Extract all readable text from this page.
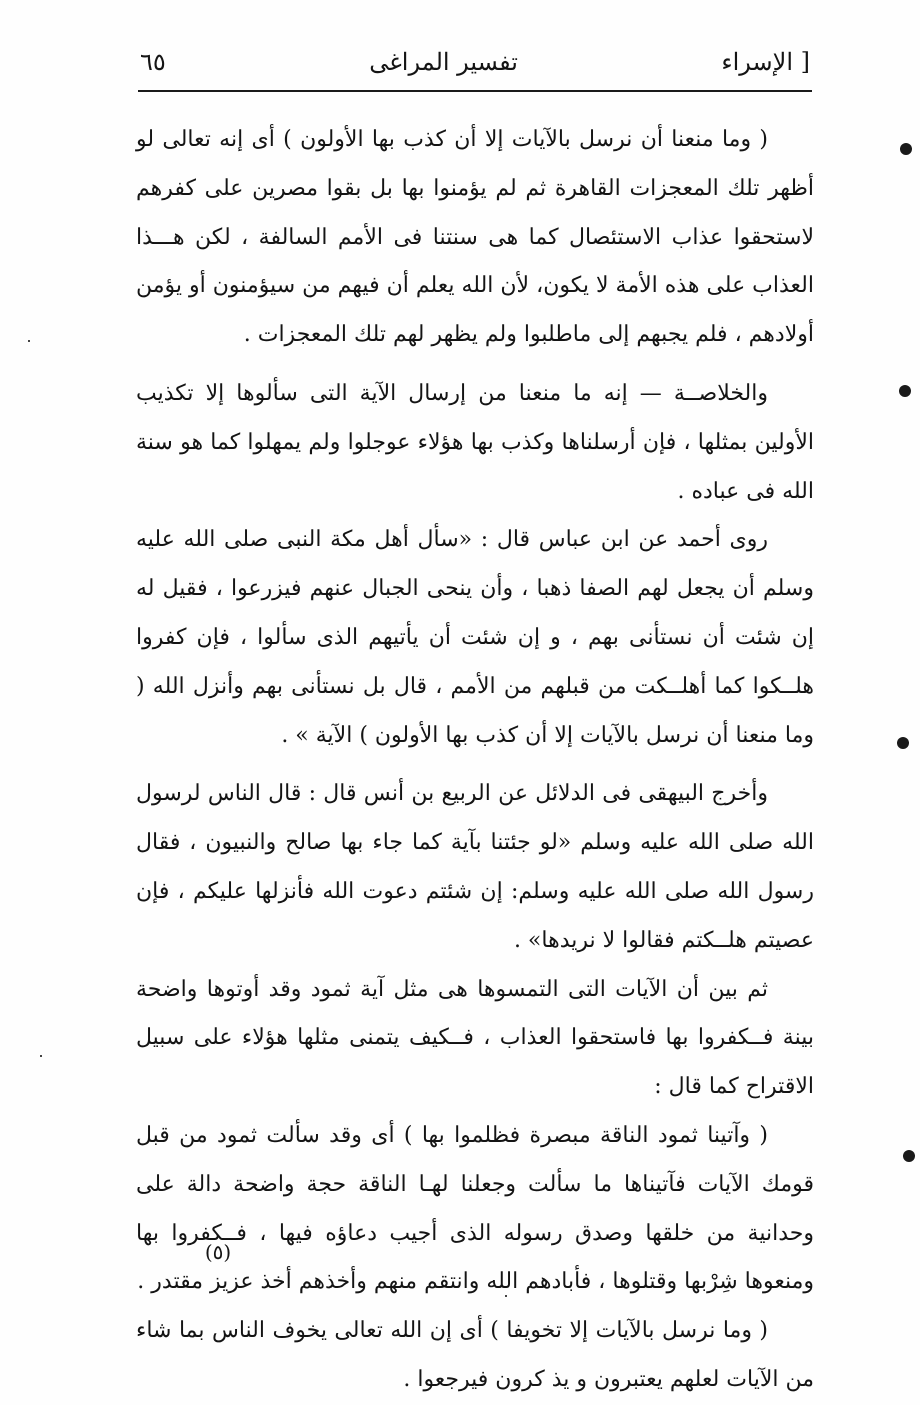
[ الإسراء
تفسير المراغى
٦٥

( وما منعنا أن نرسل بالآيات إلا أن كذب بها الأولون ) أى إنه تعالى لو أظهر تلك المعجزات القاهرة ثم لم يؤمنوا بها بل بقوا مصرين على كفرهم لاستحقوا عذاب الاستئصال كما هى سنتنا فى الأمم السالفة ، لكن هـــذا العذاب على هذه الأمة لا يكون، لأن الله يعلم أن فيهم من سيؤمنون أو يؤمن أولادهم ، فلم يجبهم إلى ماطلبوا ولم يظهر لهم تلك المعجزات .

والخلاصــة — إنه ما منعنا من إرسال الآية التى سألوها إلا تكذيب الأولين بمثلها ، فإن أرسلناها وكذب بها هؤلاء عوجلوا ولم يمهلوا كما هو سنة الله فى عباده .

روى أحمد عن ابن عباس قال : «سأل أهل مكة النبى صلى الله عليه وسلم أن يجعل لهم الصفا ذهبا ، وأن ينحى الجبال عنهم فيزرعوا ، فقيل له إن شئت أن نستأنى بهم ، و إن شئت أن يأتيهم الذى سألوا ، فإن كفروا هلــكوا كما أهلــكت من قبلهم من الأمم ، قال بل نستأنى بهم وأنزل الله ( وما منعنا أن نرسل بالآيات إلا أن كذب بها الأولون ) الآية » .

وأخرج البيهقى فى الدلائل عن الربيع بن أنس قال : قال الناس لرسول الله صلى الله عليه وسلم «لو جئتنا بآية كما جاء بها صالح والنبيون ، فقال رسول الله صلى الله عليه وسلم: إن شئتم دعوت الله فأنزلها عليكم ، فإن عصيتم هلــكتم فقالوا لا نريدها» .

ثم بين أن الآيات التى التمسوها هى مثل آية ثمود وقد أوتوها واضحة بينة فــكفروا بها فاستحقوا العذاب ، فــكيف يتمنى مثلها هؤلاء على سبيل الاقتراح كما قال :

( وآتينا ثمود الناقة مبصرة فظلموا بها ) أى وقد سألت ثمود من قبل قومك الآيات فآتيناها ما سألت وجعلنا لهـا الناقة حجة واضحة دالة على وحدانية من خلقها وصدق رسوله الذى أجيب دعاؤه فيها ، فــكفروا بها ومنعوها شِرْبها وقتلوها ، فأبادهم الله وانتقم منهم وأخذهم أخذ عزيز مقتدر .

( وما نرسل بالآيات إلا تخويفا ) أى إن الله تعالى يخوف الناس بما شاء من الآيات لعلهم يعتبرون و يذ كرون فيرجعوا .

(٥)
